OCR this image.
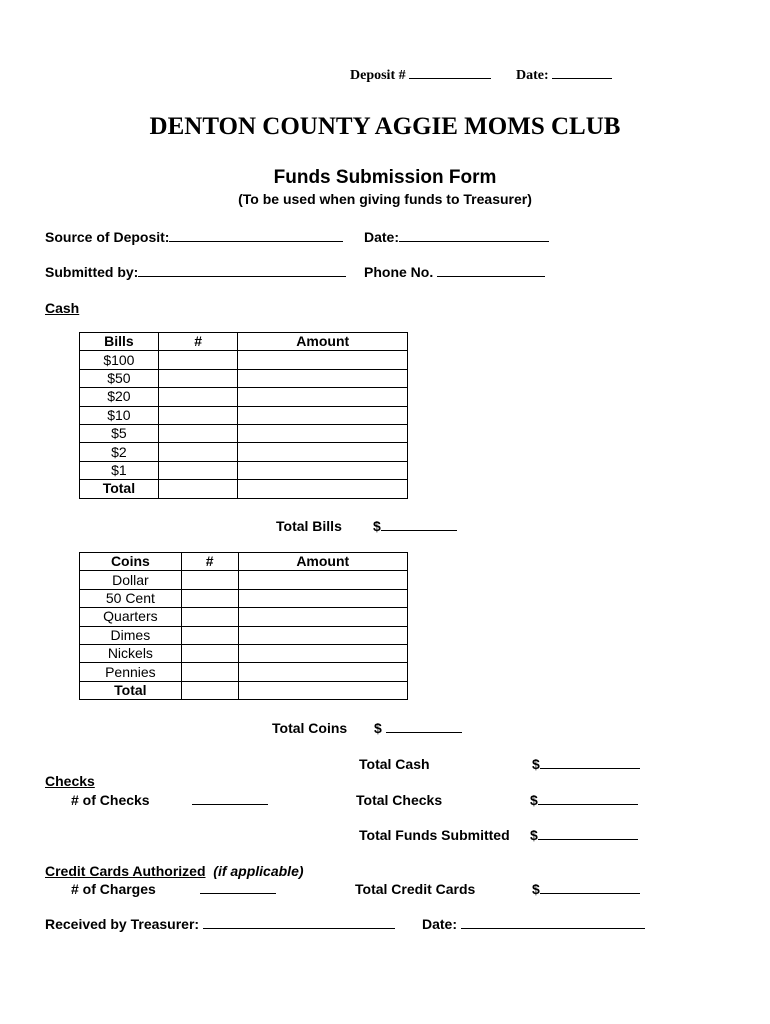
Deposit #	Date:
DENTON COUNTY AGGIE MOMS CLUB
Funds Submission Form
(To be used when giving funds to Treasurer)
Source of Deposit:	Date:
Submitted by:	Phone No.
Cash
Bills	#	Amount
$100		
$50		
$20		
$10		
$5		
$2		
$1		
Total		
Total Bills $
Coins	#	Amount
Dollar		
50 Cent		
Quarters		
Dimes		
Nickels		
Pennies		
Total		
Total Coins $
Total Cash	$
Checks
# of Checks	Total Checks	$
Total Funds Submitted $
Credit Cards Authorized (if applicable)
# of Charges	Total Credit Cards	$
Received by Treasurer:	Date:
